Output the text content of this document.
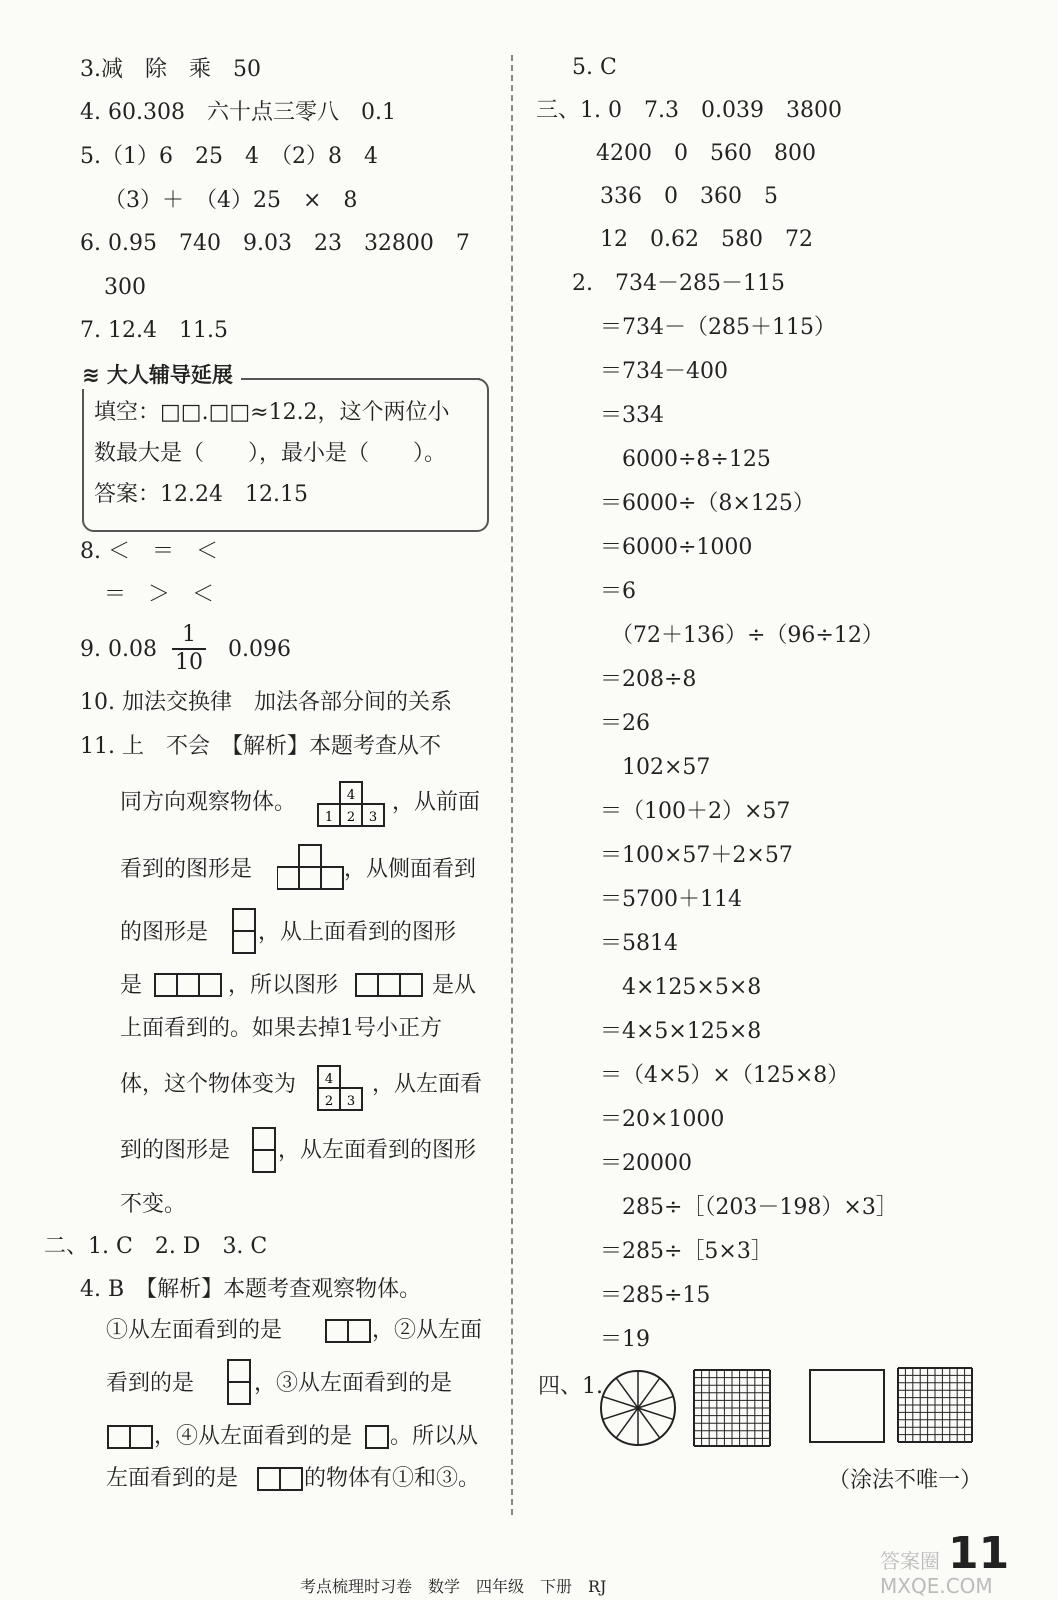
3.减　除　乘　50
4. 60.308　六十点三零八　0.1
5.（1）6　25　4　（2）8　4
（3）＋　（4）25　×　8
6. 0.95　740　9.03　23　32800　7
300
7. 12.4　11.5
≋ 大人辅导延展
填空：□□.□□≈12.2，这个两位小
数最大是（　　），最小是（　　）。
答案：12.24　12.15
8. ＜　＝　＜
＝　＞　＜
9. $0.08 \frac{1}{10} 0.096$
10. 加法交换律　加法各部分间的关系
11. 上　不会　【解析】本题考查从不
同方向观察物体。	4
1 2 3
，从前面
看到的图形是	，从侧面看到
的图形是 ，从上面看到的图形
是	，所以图形	是从
上面看到的。如果去掉1号小正方
体，这个物体变为 4
2 3
，从左面看
到的图形是 ，从左面看到的图形
不变。
二、1. C　2. D　3. C
4. B　【解析】本题考查观察物体。
①从左面看到的是	，②从左面
看到的是	，③从左面看到的是
，④从左面看到的是 。所以从
左面看到的是	的物体有①和③。
5. C
三、1. 0　7.3　0.039　3800
4200　0　560　800
336　0　360　5
12　0.62　580　72
2.　734－285－115
＝734－（285＋115）
＝734－400
＝334
　6000÷8÷125
＝6000÷（8×125）
＝6000÷1000
＝6
　（72＋136）÷（96÷12）
＝208÷8
＝26
　102×57
＝（100＋2）×57
＝100×57＋2×57
＝5700＋114
＝5814
　4×125×5×8
＝4×5×125×8
＝（4×5）×（125×8）
＝20×1000
＝20000
　285÷［（203－198）×3］
＝285÷［5×3］
＝285÷15
＝19
四、1.
（涂法不唯一）
考点梳理时习卷　数学　四年级　下册　RJ
11
答案圈 MXQE.COM
